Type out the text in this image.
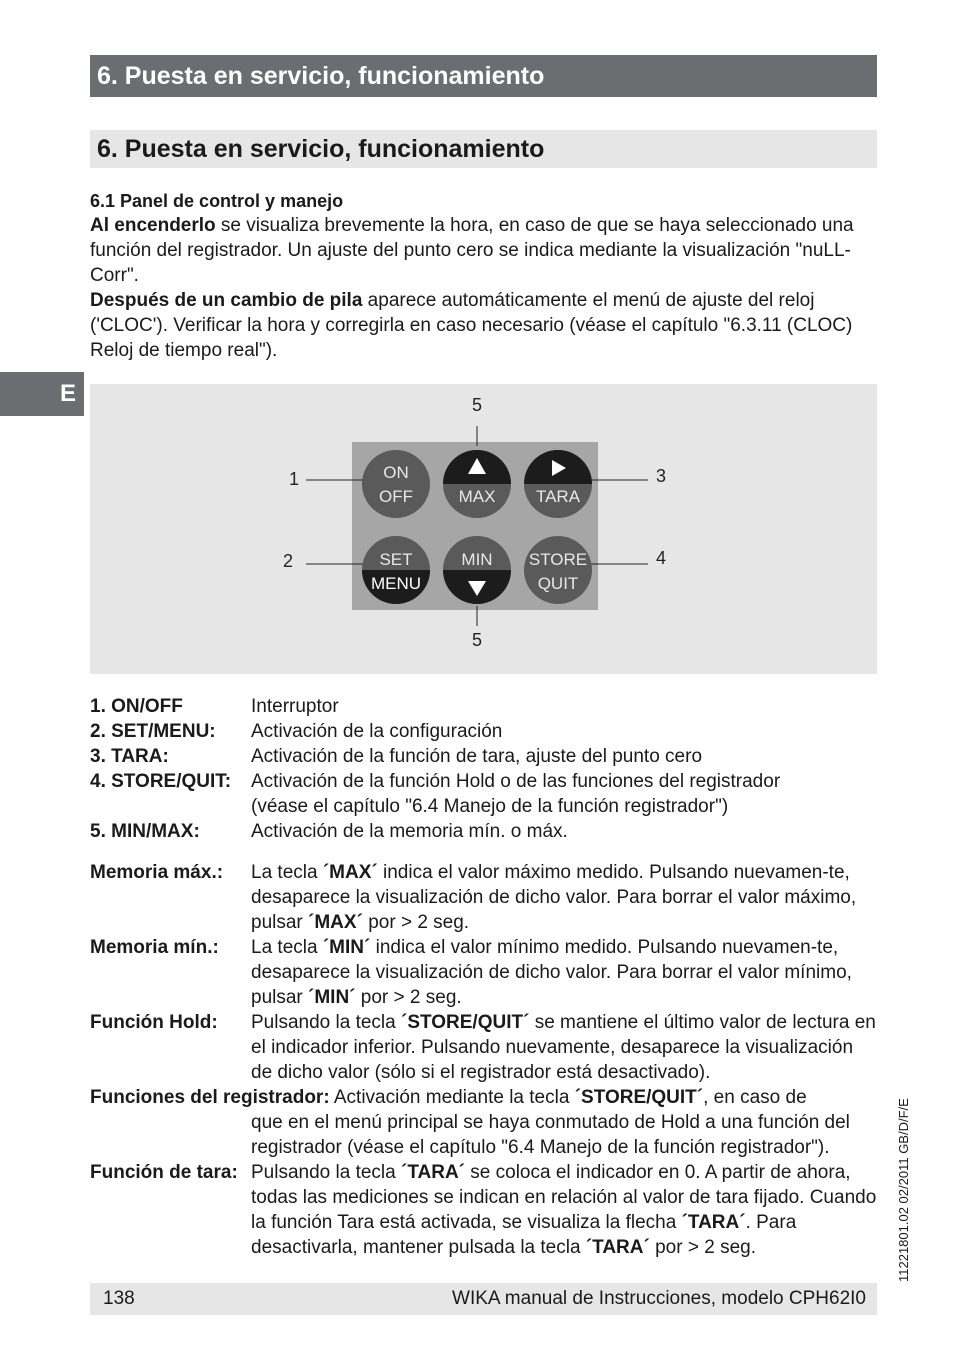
6. Puesta en servicio, funcionamiento
6. Puesta en servicio, funcionamiento
E
6.1 Panel de control y manejo
Al encenderlo se visualiza brevemente la hora, en caso de que se haya seleccionado una función del registrador. Un ajuste del punto cero se indica mediante la visualización "nuLL-Corr".
Después de un cambio de pila aparece automáticamente el menú de ajuste del reloj ('CLOC'). Verificar la hora y corregirla en caso necesario (véase el capítulo "6.3.11 (CLOC) Reloj de tiempo real").
1
2
3
4
5
5
ON
OFF	MAX TARA
SET
MENU
MIN STORE
QUIT
1. ON/OFF	Interruptor
2. SET/MENU: Activación de la configuración
3. TARA:	Activación de la función de tara, ajuste del punto cero
4. STORE/QUIT: Activación de la función Hold o de las funciones del registrador (véase el capítulo "6.4 Manejo de la función registrador")
5. MIN/MAX:	Activación de la memoria mín. o máx.
Memoria máx.: La tecla ´MAX´ indica el valor máximo medido. Pulsando nuevamen-te, desaparece la visualización de dicho valor. Para borrar el valor máximo, pulsar ´MAX´ por > 2 seg.
Memoria mín.: La tecla ´MIN´ indica el valor mínimo medido. Pulsando nuevamen-te, desaparece la visualización de dicho valor. Para borrar el valor mínimo, pulsar ´MIN´ por > 2 seg.
Función Hold: Pulsando la tecla ´STORE/QUIT´ se mantiene el último valor de lectura en el indicador inferior. Pulsando nuevamente, desaparece la visualización de dicho valor (sólo si el registrador está desactivado).
Funciones del registrador: Activación mediante la tecla ´STORE/QUIT´, en caso de
que en el menú principal se haya conmutado de Hold a una función del registrador (véase el capítulo "6.4 Manejo de la función registrador").
Función de tara: Pulsando la tecla ´TARA´ se coloca el indicador en 0. A partir de ahora, todas las mediciones se indican en relación al valor de tara fijado. Cuando la función Tara está activada, se visualiza la flecha ´TARA´. Para desactivarla, mantener pulsada la tecla ´TARA´ por > 2 seg.	11221801.02 02/2011 GB/D/F/E
138	WIKA manual de Instrucciones, modelo CPH62I0
